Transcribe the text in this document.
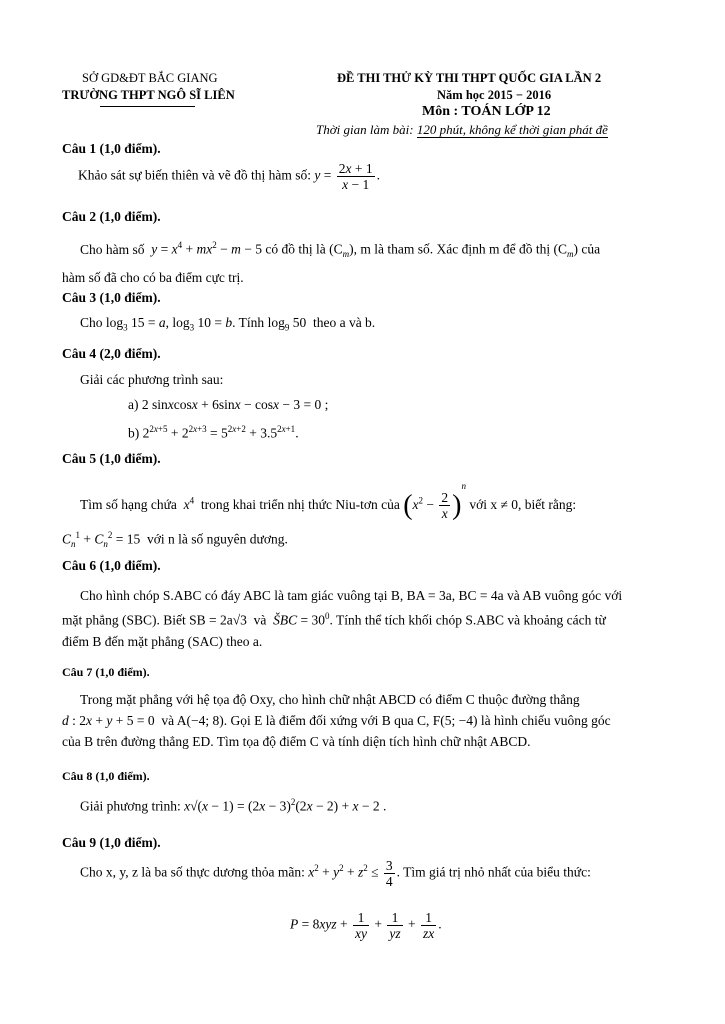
SỞ GD&ĐT BẮC GIANG
TRƯỜNG THPT NGÔ SĨ LIÊN
ĐỀ THI THỬ KỲ THI THPT QUỐC GIA LẦN 2
Năm học 2015 − 2016
Môn : TOÁN LỚP 12
Thời gian làm bài: 120 phút, không kể thời gian phát đề
Câu 1 (1,0 điểm).
Khảo sát sự biến thiên và vẽ đồ thị hàm số: $y = \frac{2x + 1}{x - 1}$ .
Câu 2 (1,0 điểm).
Cho hàm số $y = x^4 + mx^2 - m - 5$ có đồ thị là $(C_m)$, m là tham số. Xác định m để đồ thị $(C_m)$ của
hàm số đã cho có ba điểm cực trị.
Câu 3 (1,0 điểm).
Cho $\log_3 15 = a$, $\log_3 10 = b$. Tính $\log_9 50$  theo a và b.
Câu 4 (2,0 điểm).
Giải các phương trình sau:
a) 2 sinxcosx + 6sinx − cosx − 3 = 0 ;
b) $2^{2x+5} + 2^{2x+3} = 5^{2x+2} + 3.5^{2x+1}$.
Câu 5 (1,0 điểm).
Tìm số hạng chứa $x^4$ trong khai triển nhị thức Niu-tơn của $(x^2 - \frac{2}{x} )^n$ với x ≠ 0, biết rằng:
$C_n^1 + C_n^2 = 15$  với n là số nguyên dương.
Câu 6 (1,0 điểm).
Cho hình chóp S.ABC có đáy ABC là tam giác vuông tại B, BA = 3a, BC = 4a và AB vuông góc với
mặt phẳng (SBC). Biết SB = 2a√3 và ŠBC = $30^0$. Tính thể tích khối chóp S.ABC và khoảng cách từ
điểm B đến mặt phẳng (SAC) theo a.
Câu 7 (1,0 điểm).
Trong mặt phẳng với hệ tọa độ Oxy, cho hình chữ nhật ABCD có điểm C thuộc đường thẳng
d : 2x + y + 5 = 0  và A(−4; 8). Gọi E là điểm đối xứng với B qua C, F(5; −4) là hình chiếu vuông góc
của B trên đường thẳng ED. Tìm tọa độ điểm C và tính diện tích hình chữ nhật ABCD.
Câu 8 (1,0 điểm).
Giải phương trình: $x√(x - 1) = (2x - 3)^2(2x - 2) + x - 2$ .
Câu 9 (1,0 điểm).
Cho x, y, z là ba số thực dương thỏa mãn: $x^2 + y^2 + z^2 \le \frac{3}{4}$ . Tìm giá trị nhỏ nhất của biểu thức:
$P = 8xyz + \frac{1}{xy} + \frac{1}{yz} + \frac{1}{zx}$ .
